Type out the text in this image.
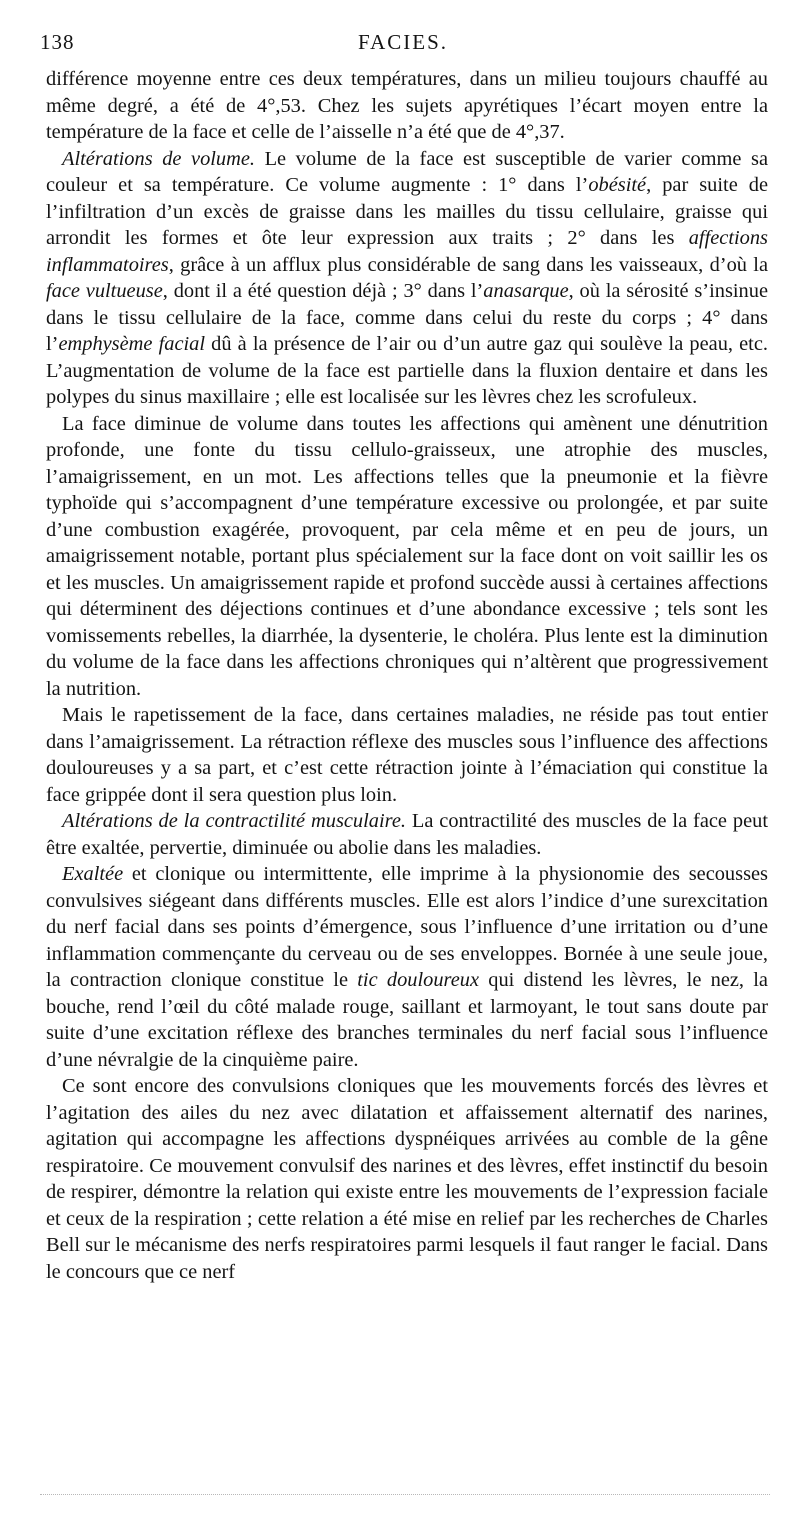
138	FACIES.

différence moyenne entre ces deux températures, dans un milieu toujours chauffé au même degré, a été de 4°,53. Chez les sujets apyrétiques l’écart moyen entre la température de la face et celle de l’aisselle n’a été que de 4°,37.

Altérations de volume. Le volume de la face est susceptible de varier comme sa couleur et sa température. Ce volume augmente : 1° dans l’obésité, par suite de l’infiltration d’un excès de graisse dans les mailles du tissu cellulaire, graisse qui arrondit les formes et ôte leur expression aux traits ; 2° dans les affections inflammatoires, grâce à un afflux plus considérable de sang dans les vaisseaux, d’où la face vultueuse, dont il a été question déjà ; 3° dans l’anasarque, où la sérosité s’insinue dans le tissu cellulaire de la face, comme dans celui du reste du corps ; 4° dans l’emphysème facial dû à la présence de l’air ou d’un autre gaz qui soulève la peau, etc. L’augmentation de volume de la face est partielle dans la fluxion dentaire et dans les polypes du sinus maxillaire ; elle est localisée sur les lèvres chez les scrofuleux.

La face diminue de volume dans toutes les affections qui amènent une dénutrition profonde, une fonte du tissu cellulo-graisseux, une atrophie des muscles, l’amaigrissement, en un mot. Les affections telles que la pneumonie et la fièvre typhoïde qui s’accompagnent d’une température excessive ou prolongée, et par suite d’une combustion exagérée, provoquent, par cela même et en peu de jours, un amaigrissement notable, portant plus spécialement sur la face dont on voit saillir les os et les muscles. Un amaigrissement rapide et profond succède aussi à certaines affections qui déterminent des déjections continues et d’une abondance excessive ; tels sont les vomissements rebelles, la diarrhée, la dysenterie, le choléra. Plus lente est la diminution du volume de la face dans les affections chroniques qui n’altèrent que progressivement la nutrition.

Mais le rapetissement de la face, dans certaines maladies, ne réside pas tout entier dans l’amaigrissement. La rétraction réflexe des muscles sous l’influence des affections douloureuses y a sa part, et c’est cette rétraction jointe à l’émaciation qui constitue la face grippée dont il sera question plus loin.

Altérations de la contractilité musculaire. La contractilité des muscles de la face peut être exaltée, pervertie, diminuée ou abolie dans les maladies.

Exaltée et clonique ou intermittente, elle imprime à la physionomie des secousses convulsives siégeant dans différents muscles. Elle est alors l’indice d’une surexcitation du nerf facial dans ses points d’émergence, sous l’influence d’une irritation ou d’une inflammation commençante du cerveau ou de ses enveloppes. Bornée à une seule joue, la contraction clonique constitue le tic douloureux qui distend les lèvres, le nez, la bouche, rend l’œil du côté malade rouge, saillant et larmoyant, le tout sans doute par suite d’une excitation réflexe des branches terminales du nerf facial sous l’influence d’une névralgie de la cinquième paire.

Ce sont encore des convulsions cloniques que les mouvements forcés des lèvres et l’agitation des ailes du nez avec dilatation et affaissement alternatif des narines, agitation qui accompagne les affections dyspnéiques arrivées au comble de la gêne respiratoire. Ce mouvement convulsif des narines et des lèvres, effet instinctif du besoin de respirer, démontre la relation qui existe entre les mouvements de l’expression faciale et ceux de la respiration ; cette relation a été mise en relief par les recherches de Charles Bell sur le mécanisme des nerfs respiratoires parmi lesquels il faut ranger le facial. Dans le concours que ce nerf
